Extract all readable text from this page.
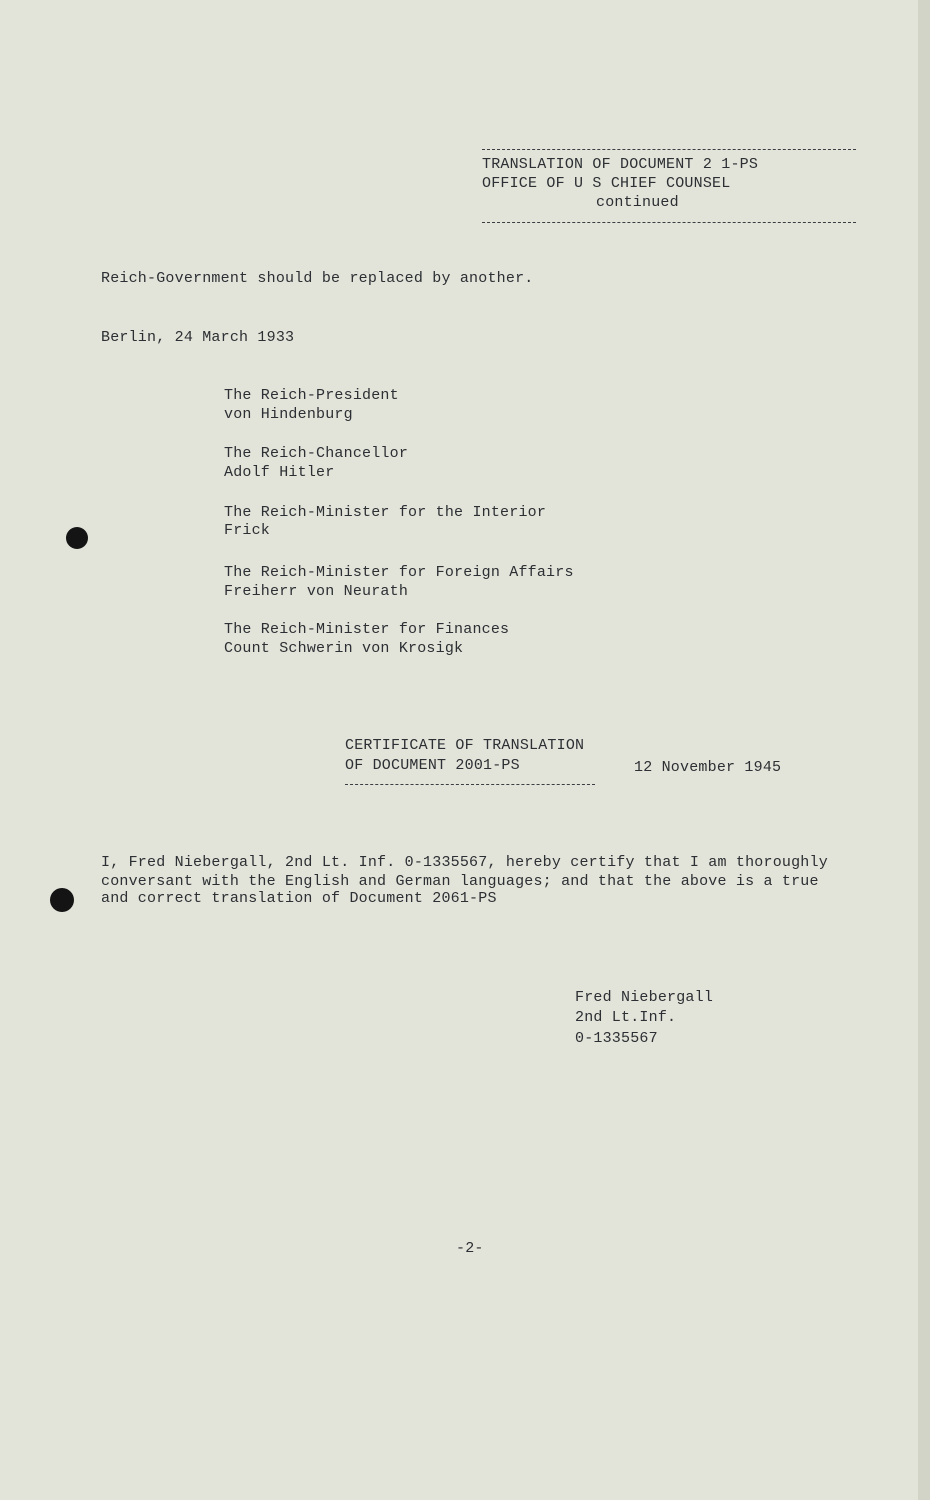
TRANSLATION OF DOCUMENT 2 1-PS
OFFICE OF U S CHIEF COUNSEL
continued
Reich-Government should be replaced by another.
Berlin, 24 March 1933
The Reich-President
von Hindenburg
The Reich-Chancellor
Adolf Hitler
The Reich-Minister for the Interior
Frick
The Reich-Minister for Foreign Affairs
Freiherr von Neurath
The Reich-Minister for Finances
Count Schwerin von Krosigk
CERTIFICATE OF TRANSLATION
OF DOCUMENT 2001-PS	12 November 1945
I, Fred Niebergall, 2nd Lt. Inf. 0-1335567, hereby certify that I am thoroughly
conversant with the English and German languages; and that the above is a true
and correct translation of Document 2061-PS
Fred Niebergall
2nd Lt.Inf.
0-1335567
-2-
